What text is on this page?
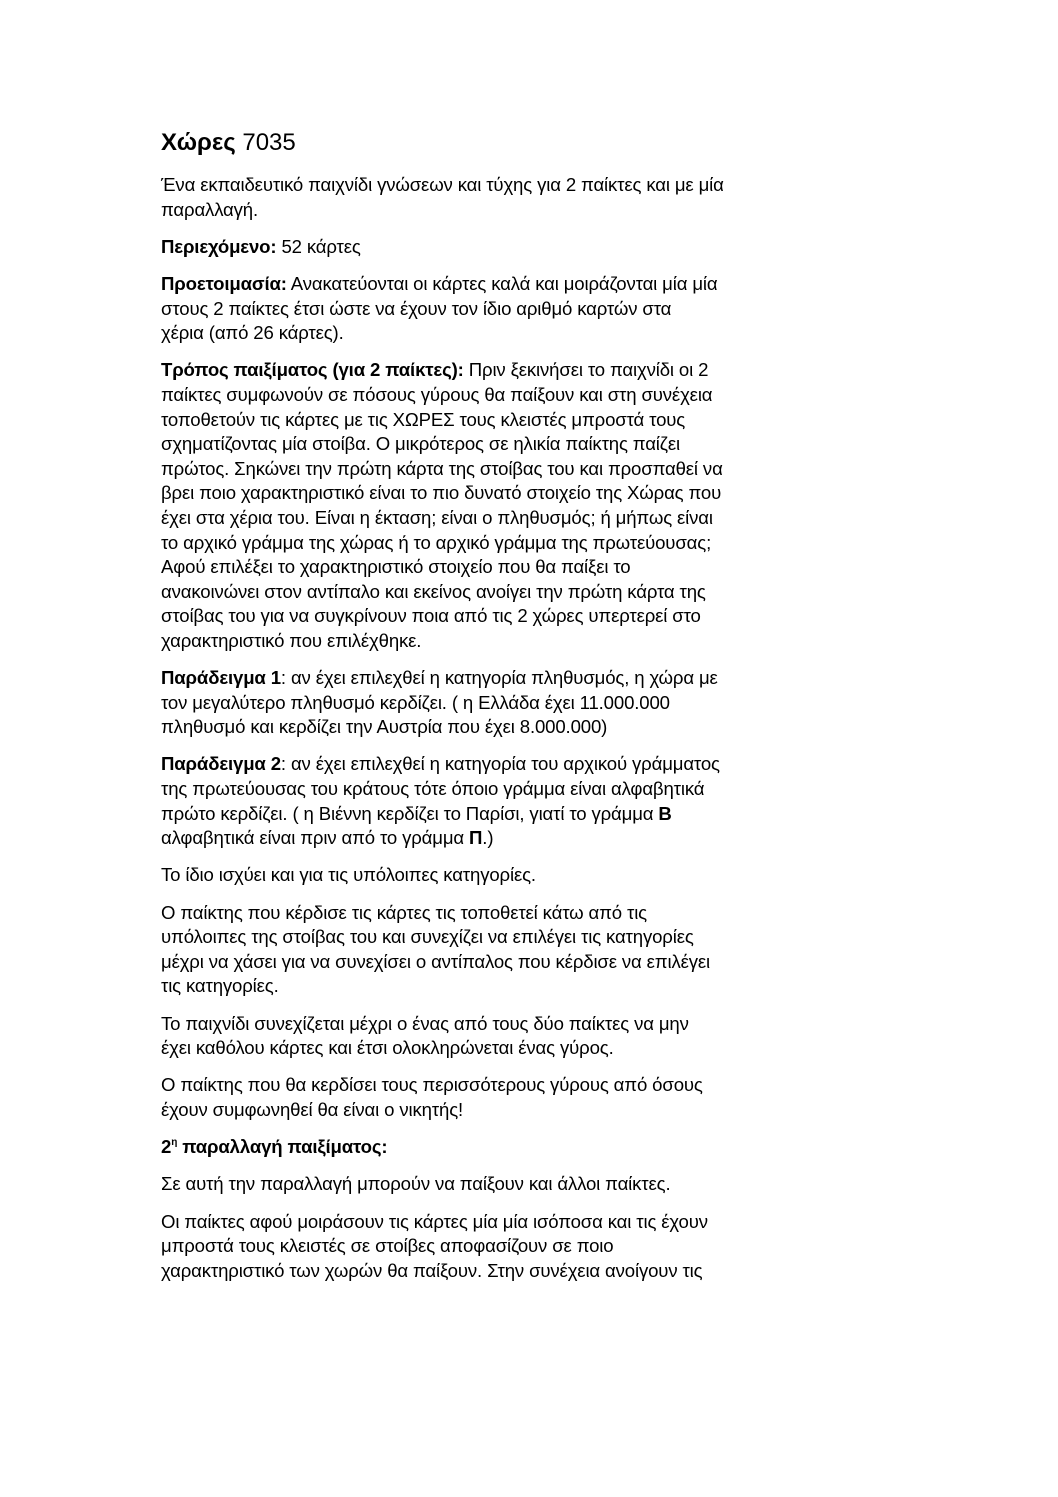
Χώρες 7035

Ένα εκπαιδευτικό παιχνίδι γνώσεων και τύχης για 2 παίκτες και με μία
παραλλαγή.

Περιεχόμενο: 52 κάρτες

Προετοιμασία: Ανακατεύονται οι κάρτες καλά και μοιράζονται μία μία
στους 2 παίκτες έτσι ώστε να έχουν τον ίδιο αριθμό καρτών στα
χέρια (από 26 κάρτες).

Τρόπος παιξίματος (για 2 παίκτες): Πριν ξεκινήσει το παιχνίδι οι 2
παίκτες συμφωνούν σε πόσους γύρους θα παίξουν και στη συνέχεια
τοποθετούν τις κάρτες με τις ΧΩΡΕΣ τους κλειστές μπροστά τους
σχηματίζοντας μία στοίβα. Ο μικρότερος σε ηλικία παίκτης παίζει
πρώτος. Σηκώνει την πρώτη κάρτα της στοίβας του και προσπαθεί να
βρει ποιο χαρακτηριστικό είναι το πιο δυνατό στοιχείο της Χώρας που
έχει στα χέρια του. Είναι η έκταση; είναι ο πληθυσμός; ή μήπως είναι
το αρχικό γράμμα της χώρας ή το αρχικό γράμμα της πρωτεύουσας;
Αφού επιλέξει το χαρακτηριστικό στοιχείο που θα παίξει το
ανακοινώνει στον αντίπαλο και εκείνος ανοίγει την πρώτη κάρτα της
στοίβας του για να συγκρίνουν ποια από τις 2 χώρες υπερτερεί στο
χαρακτηριστικό που επιλέχθηκε.

Παράδειγμα 1: αν έχει επιλεχθεί η κατηγορία πληθυσμός, η χώρα με
τον μεγαλύτερο πληθυσμό κερδίζει. ( η Ελλάδα έχει 11.000.000
πληθυσμό και κερδίζει την Αυστρία που έχει 8.000.000)

Παράδειγμα 2: αν έχει επιλεχθεί η κατηγορία του αρχικού γράμματος
της πρωτεύουσας του κράτους τότε όποιο γράμμα είναι αλφαβητικά
πρώτο κερδίζει. ( η Βιέννη κερδίζει το Παρίσι, γιατί το γράμμα Β
αλφαβητικά είναι πριν από το γράμμα Π.)

Το ίδιο ισχύει και για τις υπόλοιπες κατηγορίες.

Ο παίκτης που κέρδισε τις κάρτες τις τοποθετεί κάτω από τις
υπόλοιπες της στοίβας του και συνεχίζει να επιλέγει τις κατηγορίες
μέχρι να χάσει για να συνεχίσει ο αντίπαλος που κέρδισε να επιλέγει
τις κατηγορίες.

Το παιχνίδι συνεχίζεται μέχρι ο ένας από τους δύο παίκτες να μην
έχει καθόλου κάρτες και έτσι ολοκληρώνεται ένας γύρος.

Ο παίκτης που θα κερδίσει τους περισσότερους γύρους από όσους
έχουν συμφωνηθεί θα είναι ο νικητής!

$2^\eta$ παραλλαγή παιξίματος:

Σε αυτή την παραλλαγή μπορούν να παίξουν και άλλοι παίκτες.

Οι παίκτες αφού μοιράσουν τις κάρτες μία μία ισόποσα και τις έχουν
μπροστά τους κλειστές σε στοίβες αποφασίζουν σε ποιο
χαρακτηριστικό των χωρών θα παίξουν. Στην συνέχεια ανοίγουν τις
